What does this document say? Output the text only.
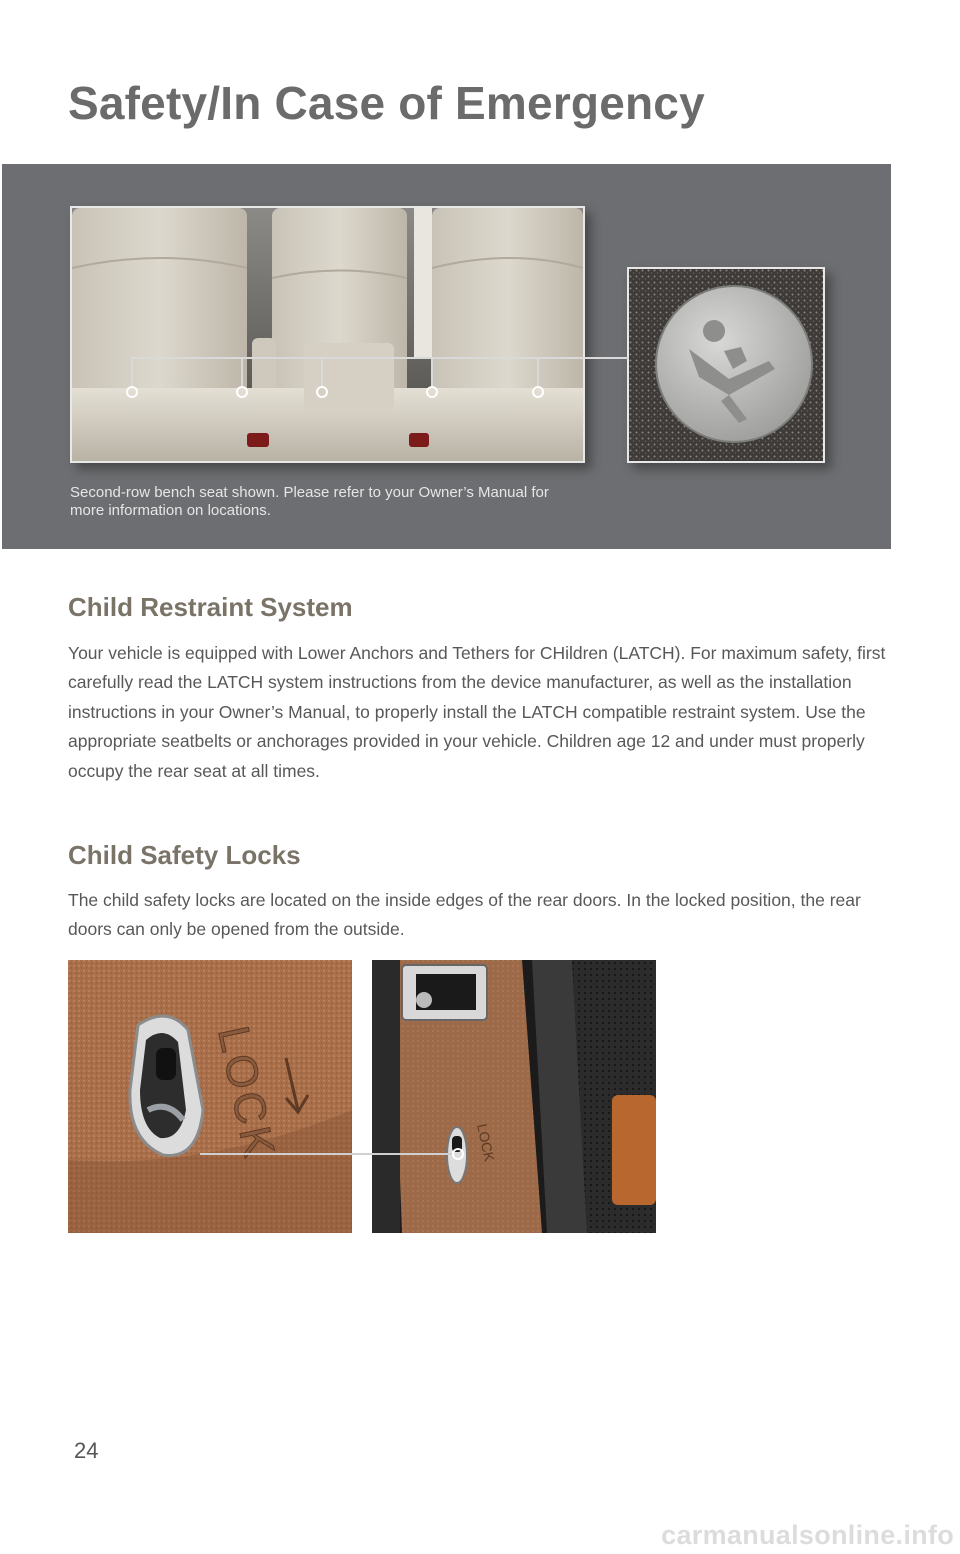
Safety/In Case of Emergency

Second-row bench seat shown. Please refer to your Owner’s Manual for more information on locations.

Child Restraint System

Your vehicle is equipped with Lower Anchors and Tethers for CHildren (LATCH). For maximum safety, first carefully read the LATCH system instructions from the device manufacturer, as well as the installation instructions in your Owner’s Manual, to properly install the LATCH compatible restraint system. Use the appropriate seatbelts or anchorages provided in your vehicle. Children age 12 and under must properly occupy the rear seat at all times.

Child Safety Locks

The child safety locks are located on the inside edges of the rear doors. In the locked position, the rear doors can only be opened from the outside.

LOCK	LOCK

24

carmanualsonline.info
